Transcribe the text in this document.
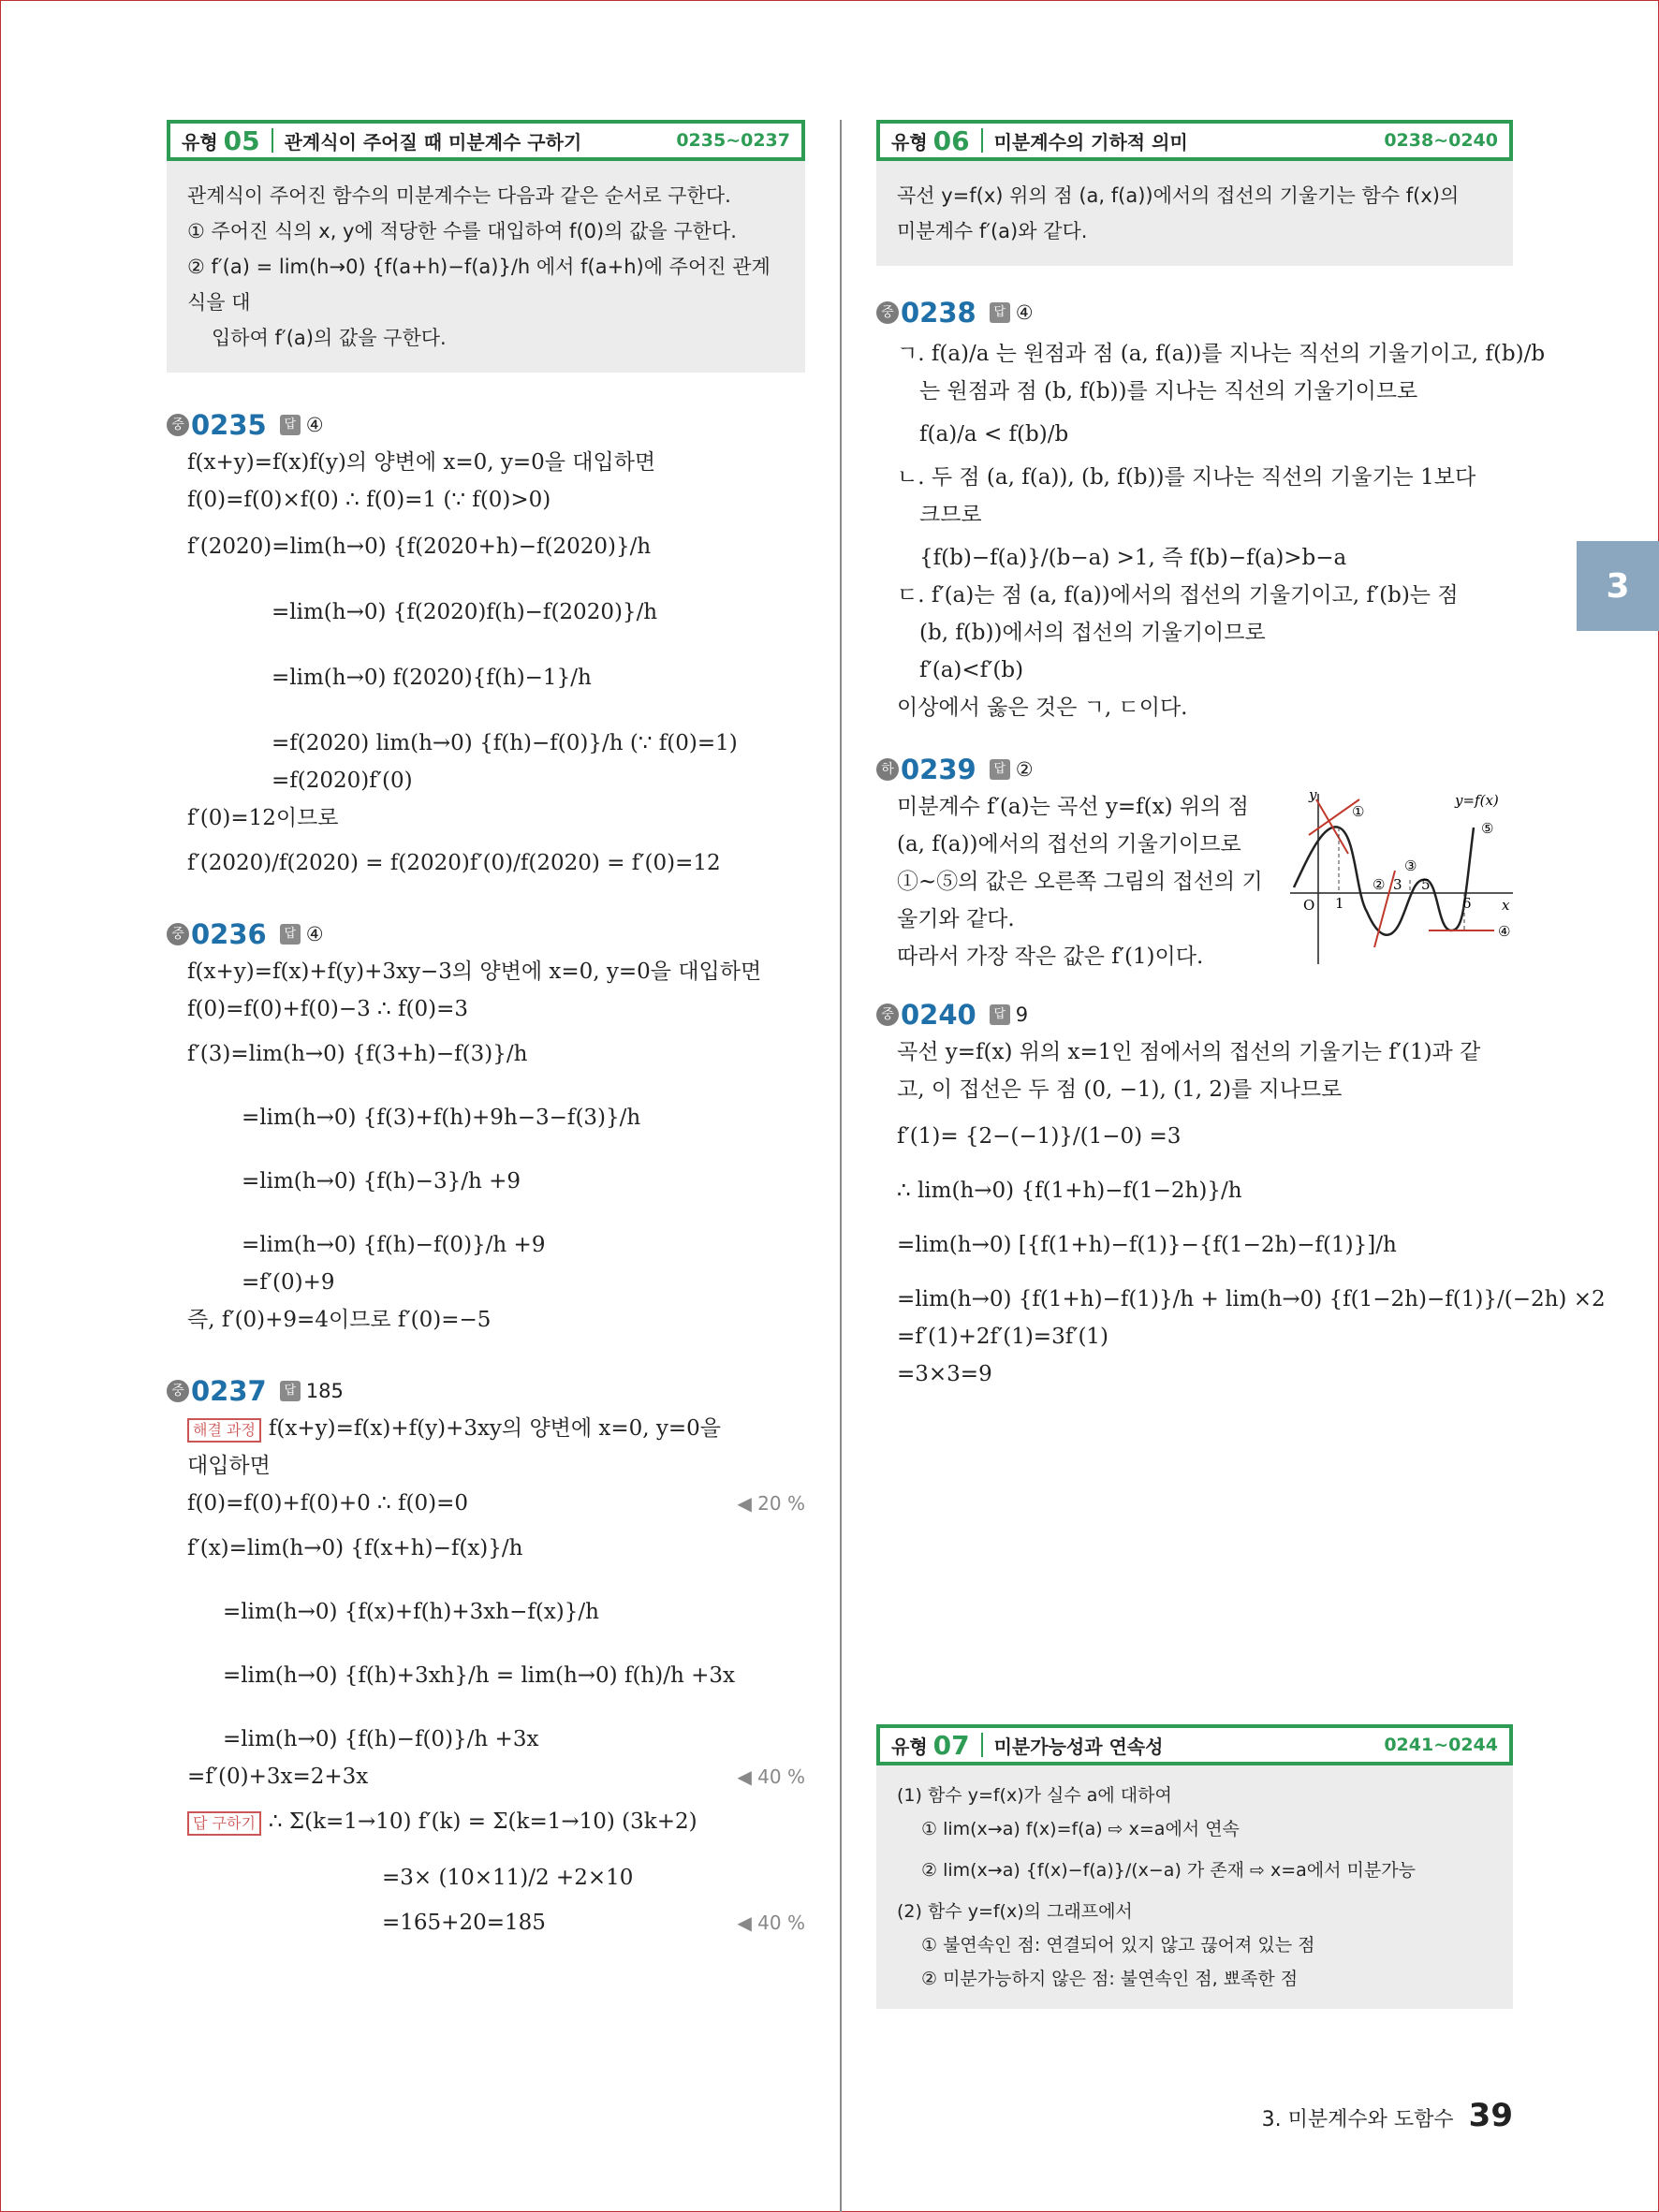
유형 05 관계식이 주어질 때 미분계수 구하기	0235~0237
관계식이 주어진 함수의 미분계수는 다음과 같은 순서로 구한다.
① 주어진 식의 x, y에 적당한 수를 대입하여 f(0)의 값을 구한다.
② f′(a) = lim(h→0) {f(a+h)−f(a)}/h 에서 f(a+h)에 주어진 관계식을 대
입하여 f′(a)의 값을 구한다.
중 0235	답 ④
f(x+y)=f(x)f(y)의 양변에 x=0, y=0을 대입하면
f(0)=f(0)×f(0) ∴ f(0)=1 (∵ f(0)>0)
f′(2020)=lim(h→0) {f(2020+h)−f(2020)}/h
=lim(h→0) {f(2020)f(h)−f(2020)}/h
=lim(h→0) f(2020){f(h)−1}/h
=f(2020) lim(h→0) {f(h)−f(0)}/h (∵ f(0)=1)
=f(2020)f′(0)
f′(0)=12이므로
f′(2020)/f(2020) = f(2020)f′(0)/f(2020) = f′(0)=12
중 0236	답 ④
f(x+y)=f(x)+f(y)+3xy−3의 양변에 x=0, y=0을 대입하면
f(0)=f(0)+f(0)−3 ∴ f(0)=3
f′(3)=lim(h→0) {f(3+h)−f(3)}/h
=lim(h→0) {f(3)+f(h)+9h−3−f(3)}/h
=lim(h→0) {f(h)−3}/h +9
=lim(h→0) {f(h)−f(0)}/h +9
=f′(0)+9
즉, f′(0)+9=4이므로 f′(0)=−5
중 0237	답 185
해결 과정 f(x+y)=f(x)+f(y)+3xy의 양변에 x=0, y=0을
대입하면
f(0)=f(0)+f(0)+0 ∴ f(0)=0	◀ 20 %
f′(x)=lim(h→0) {f(x+h)−f(x)}/h
=lim(h→0) {f(x)+f(h)+3xh−f(x)}/h
=lim(h→0) {f(h)+3xh}/h = lim(h→0) f(h)/h +3x
=lim(h→0) {f(h)−f(0)}/h +3x
=f′(0)+3x=2+3x	◀ 40 %
답 구하기 ∴ Σ(k=1→10) f′(k) = Σ(k=1→10) (3k+2)
=3× (10×11)/2 +2×10
=165+20=185	◀ 40 %
유형 06 미분계수의 기하적 의미	0238~0240
곡선 y=f(x) 위의 점 (a, f(a))에서의 접선의 기울기는 함수 f(x)의
미분계수 f′(a)와 같다.
중 0238	답 ④
ㄱ. f(a)/a 는 원점과 점 (a, f(a))를 지나는 직선의 기울기이고, f(b)/b
는 원점과 점 (b, f(b))를 지나는 직선의 기울기이므로
f(a)/a < f(b)/b
ㄴ. 두 점 (a, f(a)), (b, f(b))를 지나는 직선의 기울기는 1보다
크므로
{f(b)−f(a)}/(b−a) >1, 즉 f(b)−f(a)>b−a
ㄷ. f′(a)는 점 (a, f(a))에서의 접선의 기울기이고, f′(b)는 점
(b, f(b))에서의 접선의 기울기이므로
f′(a)<f′(b)
이상에서 옳은 것은 ㄱ, ㄷ이다.
하 0239	답 ②
미분계수 f′(a)는 곡선 y=f(x) 위의 점
(a, f(a))에서의 접선의 기울기이므로
①~⑤의 값은 오른쪽 그림의 접선의 기
울기와 같다.
따라서 가장 작은 값은 f′(1)이다.
y
x
O
y=f(x)
1
3 5
6
①
②
③
④
⑤
중 0240	답 9
곡선 y=f(x) 위의 x=1인 점에서의 접선의 기울기는 f′(1)과 같
고, 이 접선은 두 점 (0, −1), (1, 2)를 지나므로
f′(1)= {2−(−1)}/(1−0) =3
∴ lim(h→0) {f(1+h)−f(1−2h)}/h
=lim(h→0) [{f(1+h)−f(1)}−{f(1−2h)−f(1)}]/h
=lim(h→0) {f(1+h)−f(1)}/h + lim(h→0) {f(1−2h)−f(1)}/(−2h) ×2
=f′(1)+2f′(1)=3f′(1)
=3×3=9
유형 07 미분가능성과 연속성	0241~0244
(1) 함수 y=f(x)가 실수 a에 대하여
① lim(x→a) f(x)=f(a) ⇨ x=a에서 연속
② lim(x→a) {f(x)−f(a)}/(x−a) 가 존재 ⇨ x=a에서 미분가능
(2) 함수 y=f(x)의 그래프에서
① 불연속인 점: 연결되어 있지 않고 끊어져 있는 점
② 미분가능하지 않은 점: 불연속인 점, 뾰족한 점
3
3. 미분계수와 도함수 39
